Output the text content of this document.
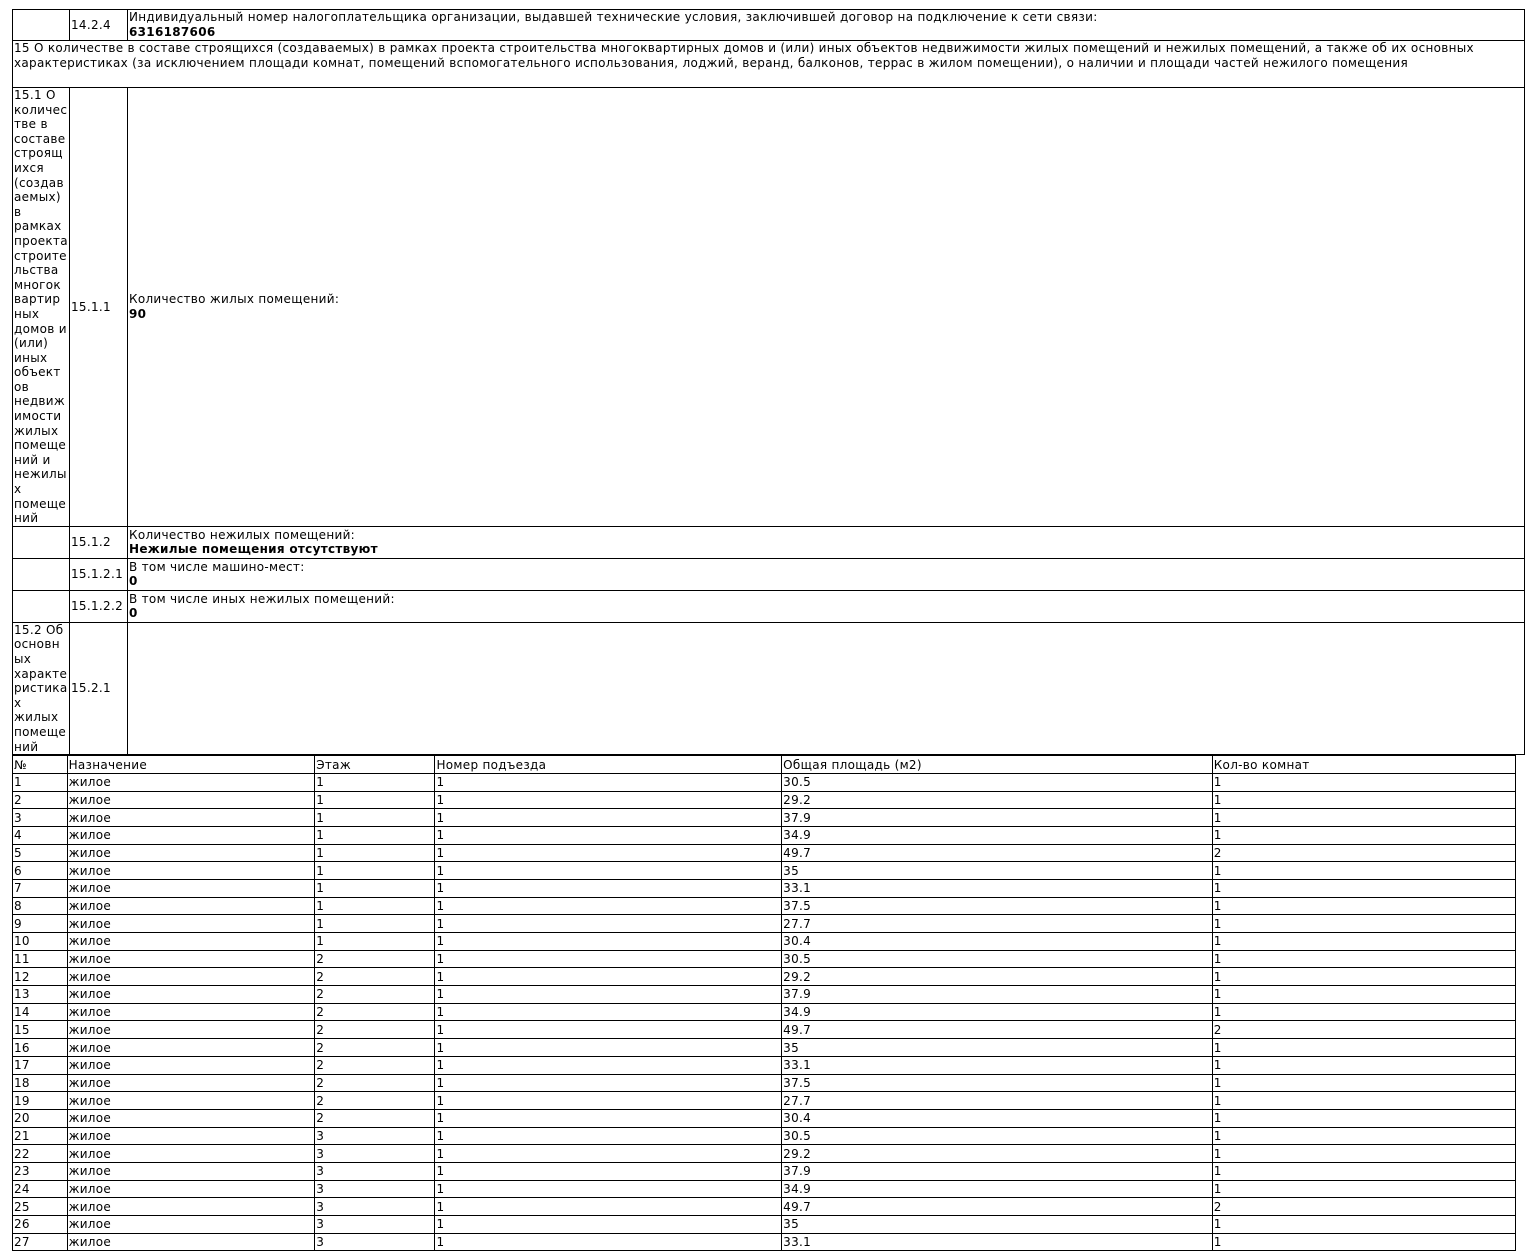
	14.2.4	Индивидуальный номер налогоплательщика организации, выдавшей технические условия, заключившей договор на подключение к сети связи:
6316187606

15 О количестве в составе строящихся (создаваемых) в рамках проекта строительства многоквартирных домов и (или) иных объектов недвижимости жилых помещений и нежилых помещений, а также об их основных характеристиках (за исключением площади комнат, помещений вспомогательного использования, лоджий, веранд, балконов, террас в жилом помещении), о наличии и площади частей нежилого помещения		
15.1 О количестве в составе строящихся (создаваемых) в рамках проекта строительства многоквартирных домов и (или) иных объектов недвижимости жилых помещений и нежилых помещений	15.1.1	Количество жилых помещений:
90

	15.1.2	Количество нежилых помещений:
Нежилые помещения отсутствуют

	15.1.2.1	В том числе машино-мест:
0

	15.1.2.2	В том числе иных нежилых помещений:
0

15.2 Об основных характеристиках жилых помещений	15.2.1	
№	Назначение	Этаж	Номер подъезда	Общая площадь (м2)	Кол-во комнат
1	жилое	1	1	30.5	1
2	жилое	1	1	29.2	1
3	жилое	1	1	37.9	1
4	жилое	1	1	34.9	1
5	жилое	1	1	49.7	2
6	жилое	1	1	35	1
7	жилое	1	1	33.1	1
8	жилое	1	1	37.5	1
9	жилое	1	1	27.7	1
10	жилое	1	1	30.4	1
11	жилое	2	1	30.5	1
12	жилое	2	1	29.2	1
13	жилое	2	1	37.9	1
14	жилое	2	1	34.9	1
15	жилое	2	1	49.7	2
16	жилое	2	1	35	1
17	жилое	2	1	33.1	1
18	жилое	2	1	37.5	1
19	жилое	2	1	27.7	1
20	жилое	2	1	30.4	1
21	жилое	3	1	30.5	1
22	жилое	3	1	29.2	1
23	жилое	3	1	37.9	1
24	жилое	3	1	34.9	1
25	жилое	3	1	49.7	2
26	жилое	3	1	35	1
27	жилое	3	1	33.1	1
